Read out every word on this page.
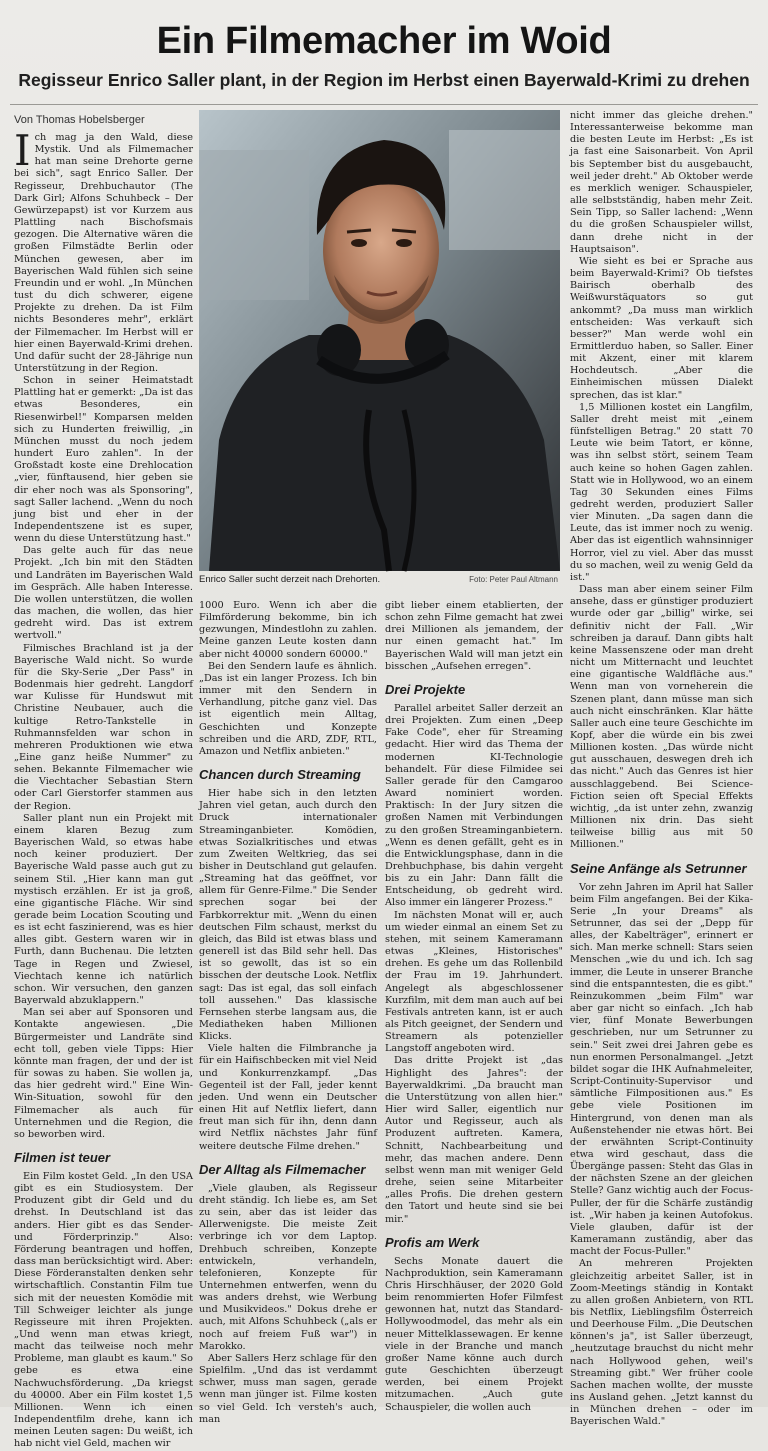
Ein Filmemacher im Woid
Regisseur Enrico Saller plant, in der Region im Herbst einen Bayerwald-Krimi zu drehen
Von Thomas Hobelsberger

Ich mag ja den Wald, diese Mystik. Und als Filmemacher hat man seine Drehorte gerne bei sich", sagt Enrico Saller. Der Regisseur, Drehbuchautor (The Dark Girl; Alfons Schuhbeck – Der Gewürzepapst) ist vor Kurzem aus Plattling nach Bischofsmais gezogen. Die Alternative wären die großen Filmstädte Berlin oder München gewesen, aber im Bayerischen Wald fühlen sich seine Freundin und er wohl. „In München tust du dich schwerer, eigene Projekte zu drehen. Da ist Film nichts Besonderes mehr", erklärt der Filmemacher. Im Herbst will er hier einen Bayerwald-Krimi drehen. Und dafür sucht der 28-Jährige nun Unterstützung in der Region.

Schon in seiner Heimatstadt Plattling hat er gemerkt: „Da ist das etwas Besonderes, ein Riesenwirbel!" Komparsen melden sich zu Hunderten freiwillig, „in München musst du noch jedem hundert Euro zahlen". In der Großstadt koste eine Drehlocation „vier, fünftausend, hier geben sie dir eher noch was als Sponsoring", sagt Saller lachend. „Wenn du noch jung bist und eher in der Independentszene ist es super, wenn du diese Unterstützung hast."

Das gelte auch für das neue Projekt. „Ich bin mit den Städten und Landräten im Bayerischen Wald im Gespräch. Alle haben Interesse. Die wollen unterstützen, die wollen das machen, die wollen, das hier gedreht wird. Das ist extrem wertvoll."

Filmisches Brachland ist ja der Bayerische Wald nicht. So wurde für die Sky-Serie „Der Pass" in Bodenmais hier gedreht. Langdorf war Kulisse für Hundswut mit Christine Neubauer, auch die kultige Retro-Tankstelle in Ruhmannsfelden war schon in mehreren Produktionen wie etwa „Eine ganz heiße Nummer" zu sehen. Bekannte Filmemacher wie die Viechtacher Sebastian Stern oder Carl Gierstorfer stammen aus der Region.

Saller plant nun ein Projekt mit einem klaren Bezug zum Bayerischen Wald, so etwas habe noch keiner produziert. Der Bayerische Wald passe auch gut zu seinem Stil. „Hier kann man gut mystisch erzählen. Er ist ja groß, eine gigantische Fläche. Wir sind gerade beim Location Scouting und es ist echt faszinierend, was es hier alles gibt. Gestern waren wir in Furth, dann Buchenau. Die letzten Tage in Regen und Zwiesel, Viechtach kenne ich natürlich schon. Wir versuchen, den ganzen Bayerwald abzuklappern."

Man sei aber auf Sponsoren und Kontakte angewiesen. „Die Bürgermeister und Landräte sind echt toll, geben viele Tipps: Hier könnte man fragen, der und der ist für sowas zu haben. Sie wollen ja, das hier gedreht wird." Eine Win-Win-Situation, sowohl für den Filmemacher als auch für Unternehmen und die Region, die so beworben wird.

Filmen ist teuer

Ein Film kostet Geld. „In den USA gibt es ein Studiosystem. Der Produzent gibt dir Geld und du drehst. In Deutschland ist das anders. Hier gibt es das Sender- und Förderprinzip." Also: Förderung beantragen und hoffen, dass man berücksichtigt wird. Aber: Diese Förderanstalten denken sehr wirtschaftlich. Constantin Film tue sich mit der neuesten Komödie mit Till Schweiger leichter als junge Regisseure mit ihren Projekten. „Und wenn man etwas kriegt, macht das teilweise noch mehr Probleme, man glaubt es kaum." So gebe es etwa eine Nachwuchsförderung. „Da kriegst du 40000. Aber ein Film kostet 1,5 Millionen. Wenn ich einen Independentfilm drehe, kann ich meinen Leuten sagen: Du weißt, ich hab nicht viel Geld, machen wir

Enrico Saller sucht derzeit nach Drehorten.	Foto: Peter Paul Altmann

1000 Euro. Wenn ich aber die Filmförderung bekomme, bin ich gezwungen, Mindestlohn zu zahlen. Meine ganzen Leute kosten dann aber nicht 40000 sondern 60000."

Bei den Sendern laufe es ähnlich. „Das ist ein langer Prozess. Ich bin immer mit den Sendern in Verhandlung, pitche ganz viel. Das ist eigentlich mein Alltag, Geschichten und Konzepte schreiben und die ARD, ZDF, RTL, Amazon und Netflix anbieten."

Chancen durch Streaming

Hier habe sich in den letzten Jahren viel getan, auch durch den Druck internationaler Streaminganbieter. Komödien, etwas Sozialkritisches und etwas zum Zweiten Weltkrieg, das sei bisher in Deutschland gut gelaufen. „Streaming hat das geöffnet, vor allem für Genre-Filme." Die Sender sprechen sogar bei der Farbkorrektur mit. „Wenn du einen deutschen Film schaust, merkst du gleich, das Bild ist etwas blass und generell ist das Bild sehr hell. Das ist so gewollt, das ist so ein bisschen der deutsche Look. Netflix sagt: Das ist egal, das soll einfach toll aussehen." Das klassische Fernsehen sterbe langsam aus, die Mediatheken haben Millionen Klicks.

Viele halten die Filmbranche ja für ein Haifischbecken mit viel Neid und Konkurrenzkampf. „Das Gegenteil ist der Fall, jeder kennt jeden. Und wenn ein Deutscher einen Hit auf Netflix liefert, dann freut man sich für ihn, denn dann wird Netflix nächstes Jahr fünf weitere deutsche Filme drehen."

Der Alltag als Filmemacher

„Viele glauben, als Regisseur dreht ständig. Ich liebe es, am Set zu sein, aber das ist leider das Allerwenigste. Die meiste Zeit verbringe ich vor dem Laptop. Drehbuch schreiben, Konzepte entwickeln, verhandeln, telefonieren, Konzepte für Unternehmen entwerfen, wenn du was anders drehst, wie Werbung und Musikvideos." Dokus drehe er auch, mit Alfons Schuhbeck („als er noch auf freiem Fuß war") in Marokko.

Aber Sallers Herz schlage für den Spielfilm. „Und das ist verdammt schwer, muss man sagen, gerade wenn man jünger ist. Filme kosten so viel Geld. Ich versteh's auch, man

gibt lieber einem etablierten, der schon zehn Filme gemacht hat zwei drei Millionen als jemandem, der nur einen gemacht hat." Im Bayerischen Wald will man jetzt ein bisschen „Aufsehen erregen".

Drei Projekte

Parallel arbeitet Saller derzeit an drei Projekten. Zum einen „Deep Fake Code", eher für Streaming gedacht. Hier wird das Thema der modernen KI-Technologie behandelt. Für diese Filmidee sei Saller gerade für den Camgaroo Award nominiert worden. Praktisch: In der Jury sitzen die großen Namen mit Verbindungen zu den großen Streaminganbietern. „Wenn es denen gefällt, geht es in die Entwicklungsphase, dann in die Drehbuchphase, bis dahin vergeht bis zu ein Jahr: Dann fällt die Entscheidung, ob gedreht wird. Also immer ein längerer Prozess."

Im nächsten Monat will er, auch um wieder einmal an einem Set zu stehen, mit seinem Kameramann etwas „Kleines, Historisches" drehen. Es gehe um das Rollenbild der Frau im 19. Jahrhundert. Angelegt als abgeschlossener Kurzfilm, mit dem man auch auf bei Festivals antreten kann, ist er auch als Pitch geeignet, der Sendern und Streamern als potenzieller Langstoff angeboten wird.

Das dritte Projekt ist „das Highlight des Jahres": der Bayerwaldkrimi. „Da braucht man die Unterstützung von allen hier." Hier wird Saller, eigentlich nur Autor und Regisseur, auch als Produzent auftreten. Kamera, Schnitt, Nachbearbeitung und mehr, das machen andere. Denn selbst wenn man mit weniger Geld drehe, seien seine Mitarbeiter „alles Profis. Die drehen gestern den Tatort und heute sind sie bei mir."

Profis am Werk

Sechs Monate dauert die Nachproduktion, sein Kameramann Chris Hirschhäuser, der 2020 Gold beim renommierten Hofer Filmfest gewonnen hat, nutzt das Standard-Hollywoodmodel, das mehr als ein neuer Mittelklassewagen. Er kenne viele in der Branche und manch großer Name könne auch durch gute Geschichten überzeugt werden, bei einem Projekt mitzumachen. „Auch gute Schauspieler, die wollen auch

nicht immer das gleiche drehen." Interessanterweise bekomme man die besten Leute im Herbst: „Es ist ja fast eine Saisonarbeit. Von April bis September bist du ausgebaucht, weil jeder dreht." Ab Oktober werde es merklich weniger. Schauspieler, alle selbstständig, haben mehr Zeit. Sein Tipp, so Saller lachend: „Wenn du die großen Schauspieler willst, dann drehe nicht in der Hauptsaison".

Wie sieht es bei er Sprache aus beim Bayerwald-Krimi? Ob tiefstes Bairisch oberhalb des Weißwurstäquators so gut ankommt? „Da muss man wirklich entscheiden: Was verkauft sich besser?" Man werde wohl ein Ermittlerduo haben, so Saller. Einer mit Akzent, einer mit klarem Hochdeutsch. „Aber die Einheimischen müssen Dialekt sprechen, das ist klar."

1,5 Millionen kostet ein Langfilm, Saller dreht meist mit „einem fünfstelligen Betrag." 20 statt 70 Leute wie beim Tatort, er könne, was ihn selbst stört, seinem Team auch keine so hohen Gagen zahlen. Statt wie in Hollywood, wo an einem Tag 30 Sekunden eines Films gedreht werden, produziert Saller vier Minuten. „Da sagen dann die Leute, das ist immer noch zu wenig. Aber das ist eigentlich wahnsinniger Horror, viel zu viel. Aber das musst du so machen, weil zu wenig Geld da ist."

Dass man aber einem seiner Film ansehe, dass er günstiger produziert wurde oder gar „billig" wirke, sei definitiv nicht der Fall. „Wir schreiben ja darauf. Dann gibts halt keine Massenszene oder man dreht nicht um Mitternacht und leuchtet eine gigantische Waldfläche aus." Wenn man von vorneherein die Szenen plant, dann müsse man sich auch nicht einschränken. Klar hätte Saller auch eine teure Geschichte im Kopf, aber die würde ein bis zwei Millionen kosten. „Das würde nicht gut ausschauen, deswegen dreh ich das nicht." Auch das Genres ist hier ausschlaggebend. Bei Science-Fiction seien oft Special Effekts wichtig, „da ist unter zehn, zwanzig Millionen nix drin. Das sieht teilweise billig aus mit 50 Millionen."

Seine Anfänge als Setrunner

Vor zehn Jahren im April hat Saller beim Film angefangen. Bei der Kika-Serie „In your Dreams" als Setrunner, das sei der „Depp für alles, der Kabelträger", erinnert er sich. Man merke schnell: Stars seien Menschen „wie du und ich. Ich sag immer, die Leute in unserer Branche sind die entspanntesten, die es gibt." Reinzukommen „beim Film" war aber gar nicht so einfach. „Ich hab vier, fünf Monate Bewerbungen geschrieben, nur um Setrunner zu sein." Seit zwei drei Jahren gebe es nun enormen Personalmangel. „Jetzt bildet sogar die IHK Aufnahmeleiter, Script-Continuity-Supervisor und sämtliche Filmpositionen aus." Es gebe viele Positionen im Hintergrund, von denen man als Außenstehender nie etwas hört. Bei der erwähnten Script-Continuity etwa wird geschaut, dass die Übergänge passen: Steht das Glas in der nächsten Szene an der gleichen Stelle? Ganz wichtig auch der Focus-Puller, der für die Schärfe zuständig ist. „Wir haben ja keinen Autofokus. Viele glauben, dafür ist der Kameramann zuständig, aber das macht der Focus-Puller."

An mehreren Projekten gleichzeitig arbeitet Saller, ist in Zoom-Meetings ständig in Kontakt zu allen großen Anbietern, von RTL bis Netflix, Lieblingsfilm Österreich und Deerhouse Film. „Die Deutschen können's ja", ist Saller überzeugt, „heutzutage brauchst du nicht mehr nach Hollywood gehen, weil's Streaming gibt." Wer früher coole Sachen machen wollte, der musste ins Ausland gehen. „Jetzt kannst du in München drehen – oder im Bayerischen Wald."
